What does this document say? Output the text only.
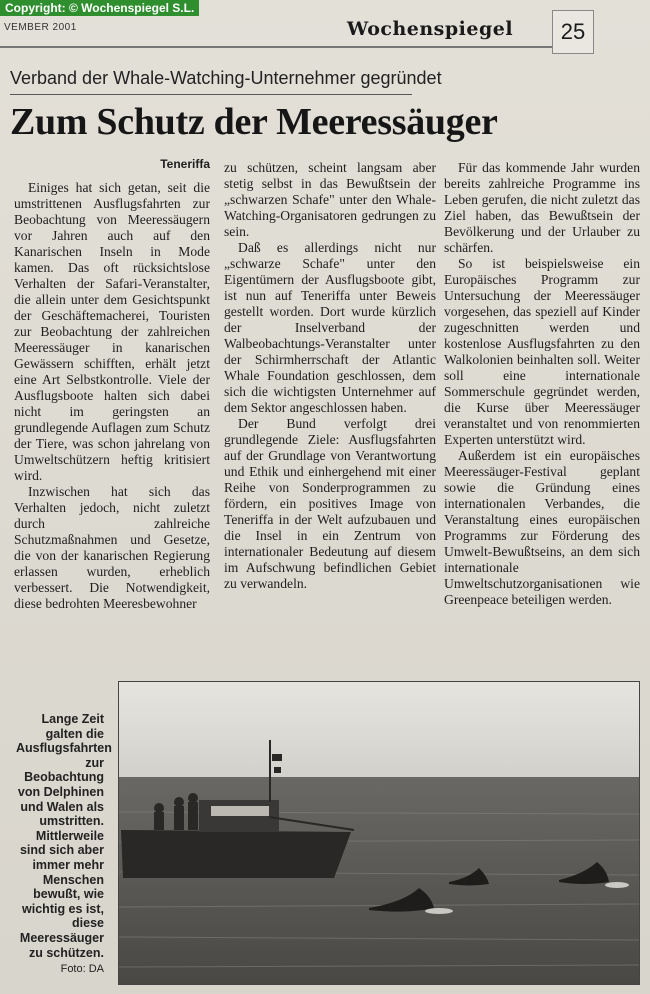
Copyright: © Wochenspiegel S.L.
VEMBER 2001	Wochenspiegel	25
Verband der Whale-Watching-Unternehmer gegründet
Zum Schutz der Meeressäuger
Teneriffa

Einiges hat sich getan, seit die umstrittenen Ausflugsfahrten zur Beobachtung von Meeressäugern vor Jahren auch auf den Kanarischen Inseln in Mode kamen. Das oft rücksichtslose Verhalten der Safari-Veranstalter, die allein unter dem Gesichtspunkt der Geschäftemacherei, Touristen zur Beobachtung der zahlreichen Meeressäuger in kanarischen Gewässern schifften, erhält jetzt eine Art Selbstkontrolle. Viele der Ausflugsboote halten sich dabei nicht im geringsten an grundlegende Auflagen zum Schutz der Tiere, was schon jahrelang von Umweltschützern heftig kritisiert wird.

Inzwischen hat sich das Verhalten jedoch, nicht zuletzt durch zahlreiche Schutzmaßnahmen und Gesetze, die von der kanarischen Regierung erlassen wurden, erheblich verbessert. Die Notwendigkeit, diese bedrohten Meeresbewohner

zu schützen, scheint langsam aber stetig selbst in das Bewußtsein der „schwarzen Schafe" unter den Whale-Watching-Organisatoren gedrungen zu sein.

Daß es allerdings nicht nur „schwarze Schafe" unter den Eigentümern der Ausflugsboote gibt, ist nun auf Teneriffa unter Beweis gestellt worden. Dort wurde kürzlich der Inselverband der Walbeobachtungs-Veranstalter unter der Schirmherrschaft der Atlantic Whale Foundation geschlossen, dem sich die wichtigsten Unternehmer auf dem Sektor angeschlossen haben.

Der Bund verfolgt drei grundlegende Ziele: Ausflugsfahrten auf der Grundlage von Verantwortung und Ethik und einhergehend mit einer Reihe von Sonderprogrammen zu fördern, ein positives Image von Teneriffa in der Welt aufzubauen und die Insel in ein Zentrum von internationaler Bedeutung auf diesem im Aufschwung befindlichen Gebiet zu verwandeln.

Für das kommende Jahr wurden bereits zahlreiche Programme ins Leben gerufen, die nicht zuletzt das Ziel haben, das Bewußtsein der Bevölkerung und der Urlauber zu schärfen.

So ist beispielsweise ein Europäisches Programm zur Untersuchung der Meeressäuger vorgesehen, das speziell auf Kinder zugeschnitten werden und kostenlose Ausflugsfahrten zu den Walkolonien beinhalten soll. Weiter soll eine internationale Sommerschule gegründet werden, die Kurse über Meeressäuger veranstaltet und von renommierten Experten unterstützt wird.

Außerdem ist ein europäisches Meeressäuger-Festival geplant sowie die Gründung eines internationalen Verbandes, die Veranstaltung eines europäischen Programms zur Förderung des Umwelt-Bewußtseins, an dem sich internationale Umweltschutzorganisationen wie Greenpeace beteiligen werden.

Lange Zeit galten die Ausflugsfahrten zur Beobachtung von Delphinen und Walen als umstritten. Mittlerweile sind sich aber immer mehr Menschen bewußt, wie wichtig es ist, diese Meeressäuger zu schützen.
Foto: DA
